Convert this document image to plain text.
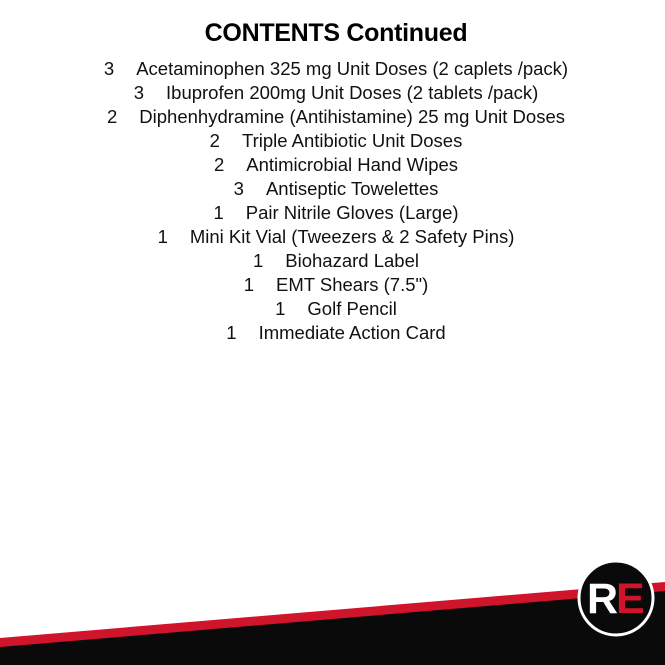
CONTENTS Continued
3 Acetaminophen 325 mg Unit Doses (2 caplets /pack)
3 Ibuprofen 200mg Unit Doses (2 tablets /pack)
2 Diphenhydramine (Antihistamine) 25 mg Unit Doses
2 Triple Antibiotic Unit Doses
2 Antimicrobial Hand Wipes
3 Antiseptic Towelettes
1 Pair Nitrile Gloves (Large)
1 Mini Kit Vial (Tweezers & 2 Safety Pins)
1 Biohazard Label
1 EMT Shears (7.5")
1 Golf Pencil
1 Immediate Action Card
R
E
